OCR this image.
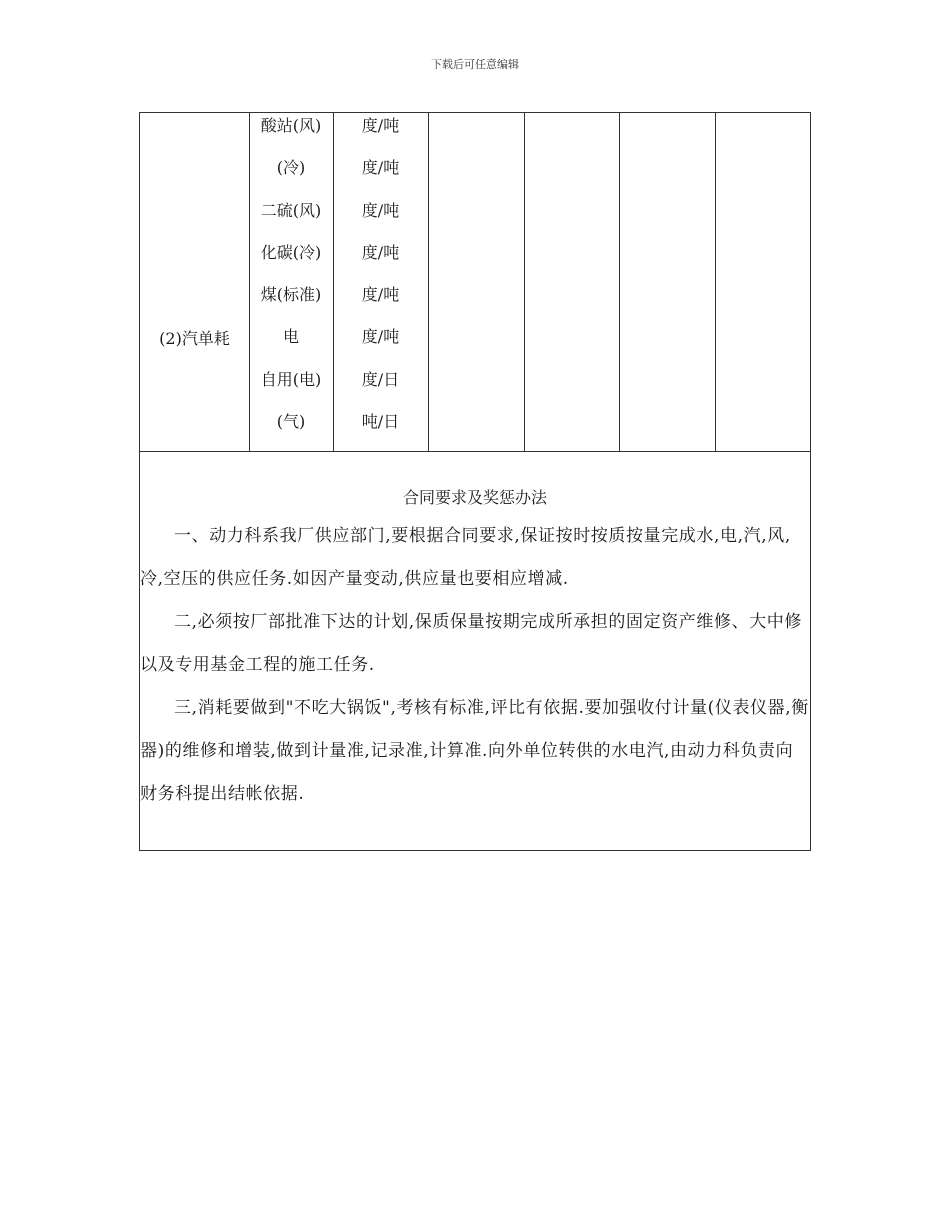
下载后可任意编辑
(2)汽单耗
酸站(风)
(冷)
二硫(风)
化碳(冷)
煤(标准)
电
自用(电)
(气)
度/吨
度/吨
度/吨
度/吨
度/吨
度/吨
度/日
吨/日
合同要求及奖惩办法
一、动力科系我厂供应部门,要根据合同要求,保证按时按质按量完成水,电,汽,风,冷,空压的供应任务.如因产量变动,供应量也要相应增减.
二,必须按厂部批准下达的计划,保质保量按期完成所承担的固定资产维修、大中修以及专用基金工程的施工任务.
三,消耗要做到"不吃大锅饭",考核有标准,评比有依据.要加强收付计量(仪表仪器,衡器)的维修和增装,做到计量准,记录准,计算准.向外单位转供的水电汽,由动力科负责向财务科提出结帐依据.
